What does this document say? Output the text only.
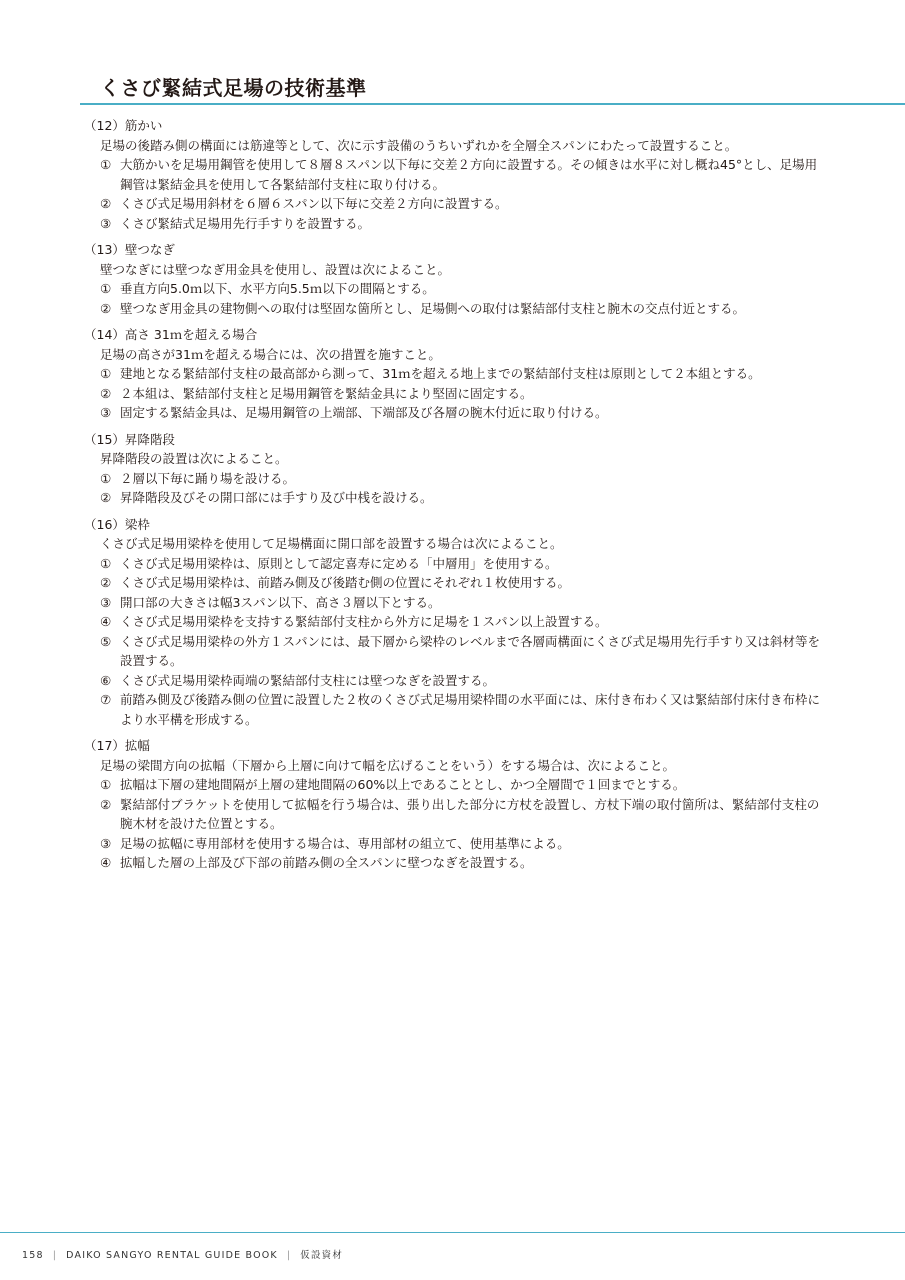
くさび緊結式足場の技術基準
（12）筋かい
足場の後踏み側の構面には筋違等として、次に示す設備のうちいずれかを全層全スパンにわたって設置すること。
① 大筋かいを足場用鋼管を使用して８層８スパン以下毎に交差２方向に設置する。その傾きは水平に対し概ね45°とし、足場用鋼管は緊結金具を使用して各緊結部付支柱に取り付ける。
② くさび式足場用斜材を６層６スパン以下毎に交差２方向に設置する。
③ くさび緊結式足場用先行手すりを設置する。
（13）壁つなぎ
壁つなぎには壁つなぎ用金具を使用し、設置は次によること。
① 垂直方向5.0ｍ以下、水平方向5.5ｍ以下の間隔とする。
② 壁つなぎ用金具の建物側への取付は堅固な箇所とし、足場側への取付は緊結部付支柱と腕木の交点付近とする。
（14）高さ 31ｍを超える場合
足場の高さが31ｍを超える場合には、次の措置を施すこと。
① 建地となる緊結部付支柱の最高部から測って、31ｍを超える地上までの緊結部付支柱は原則として２本組とする。
② ２本組は、緊結部付支柱と足場用鋼管を緊結金具により堅固に固定する。
③ 固定する緊結金具は、足場用鋼管の上端部、下端部及び各層の腕木付近に取り付ける。
（15）昇降階段
昇降階段の設置は次によること。
① ２層以下毎に踊り場を設ける。
② 昇降階段及びその開口部には手すり及び中桟を設ける。
（16）梁枠
くさび式足場用梁枠を使用して足場構面に開口部を設置する場合は次によること。
① くさび式足場用梁枠は、原則として認定喜寿に定める「中層用」を使用する。
② くさび式足場用梁枠は、前踏み側及び後踏む側の位置にそれぞれ１枚使用する。
③ 開口部の大きさは幅3スパン以下、高さ３層以下とする。
④ くさび式足場用梁枠を支持する緊結部付支柱から外方に足場を１スパン以上設置する。
⑤ くさび式足場用梁枠の外方１スパンには、最下層から梁枠のレベルまで各層両構面にくさび式足場用先行手すり又は斜材等を設置する。
⑥ くさび式足場用梁枠両端の緊結部付支柱には壁つなぎを設置する。
⑦ 前踏み側及び後踏み側の位置に設置した２枚のくさび式足場用梁枠間の水平面には、床付き布わく又は緊結部付床付き布枠により水平構を形成する。
（17）拡幅
足場の梁間方向の拡幅（下層から上層に向けて幅を広げることをいう）をする場合は、次によること。
① 拡幅は下層の建地間隔が上層の建地間隔の60%以上であることとし、かつ全層間で１回までとする。
② 緊結部付ブラケットを使用して拡幅を行う場合は、張り出した部分に方杖を設置し、方杖下端の取付箇所は、緊結部付支柱の腕木材を設けた位置とする。
③ 足場の拡幅に専用部材を使用する場合は、専用部材の組立て、使用基準による。
④ 拡幅した層の上部及び下部の前踏み側の全スパンに壁つなぎを設置する。
158 | DAIKO SANGYO RENTAL GUIDE BOOK | 仮設資材
